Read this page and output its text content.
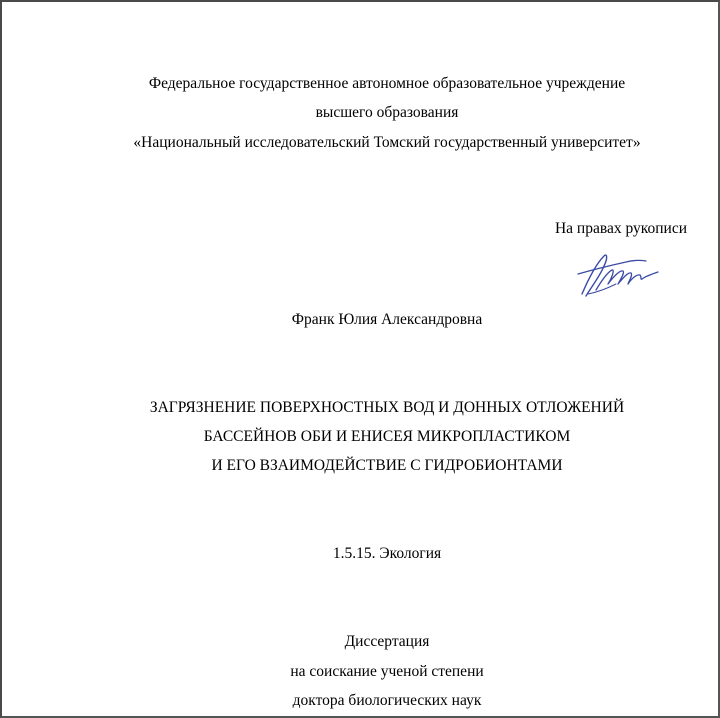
Федеральное государственное автономное образовательное учреждение
высшего образования
«Национальный исследовательский Томский государственный университет»
На правах рукописи
Франк Юлия Александровна
ЗАГРЯЗНЕНИЕ ПОВЕРХНОСТНЫХ ВОД И ДОННЫХ ОТЛОЖЕНИЙ
БАССЕЙНОВ ОБИ И ЕНИСЕЯ МИКРОПЛАСТИКОМ
И ЕГО ВЗАИМОДЕЙСТВИЕ С ГИДРОБИОНТАМИ
1.5.15. Экология
Диссертация
на соискание ученой степени
доктора биологических наук
